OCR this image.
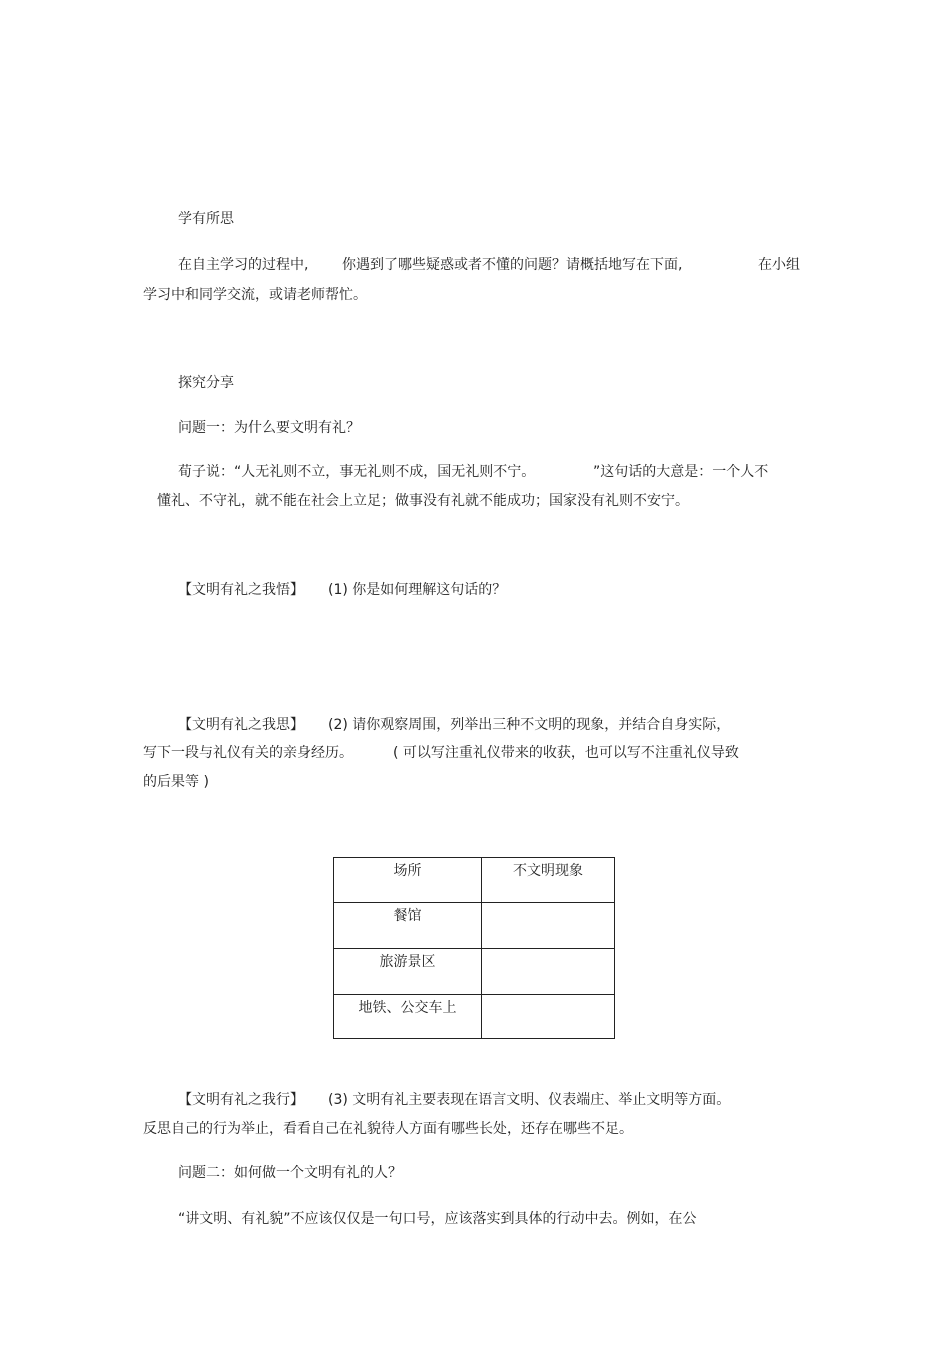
学有所思
在自主学习的过程中, 你遇到了哪些疑惑或者不懂的问题？请概括地写在下面,	在小组
学习中和同学交流，或请老师帮忙。
探究分享
问题一：为什么要文明有礼？
荀子说：“人无礼则不立，事无礼则不成，国无礼则不宁。	”这句话的大意是：一个人不
懂礼、不守礼，就不能在社会上立足；做事没有礼就不能成功；国家没有礼则不安宁。
【文明有礼之我悟】 (1) 你是如何理解这句话的？
【文明有礼之我思】 (2) 请你观察周围，列举出三种不文明的现象，并结合自身实际，
写下一段与礼仪有关的亲身经历。	( 可以写注重礼仪带来的收获，也可以写不注重礼仪导致
的后果等 )
场所	不文明现象
餐馆	
旅游景区	
地铁、公交车上	
【文明有礼之我行】 (3) 文明有礼主要表现在语言文明、仪表端庄、举止文明等方面。
反思自己的行为举止，看看自己在礼貌待人方面有哪些长处，还存在哪些不足。
问题二：如何做一个文明有礼的人？
“讲文明、有礼貌”不应该仅仅是一句口号，应该落实到具体的行动中去。例如，在公
